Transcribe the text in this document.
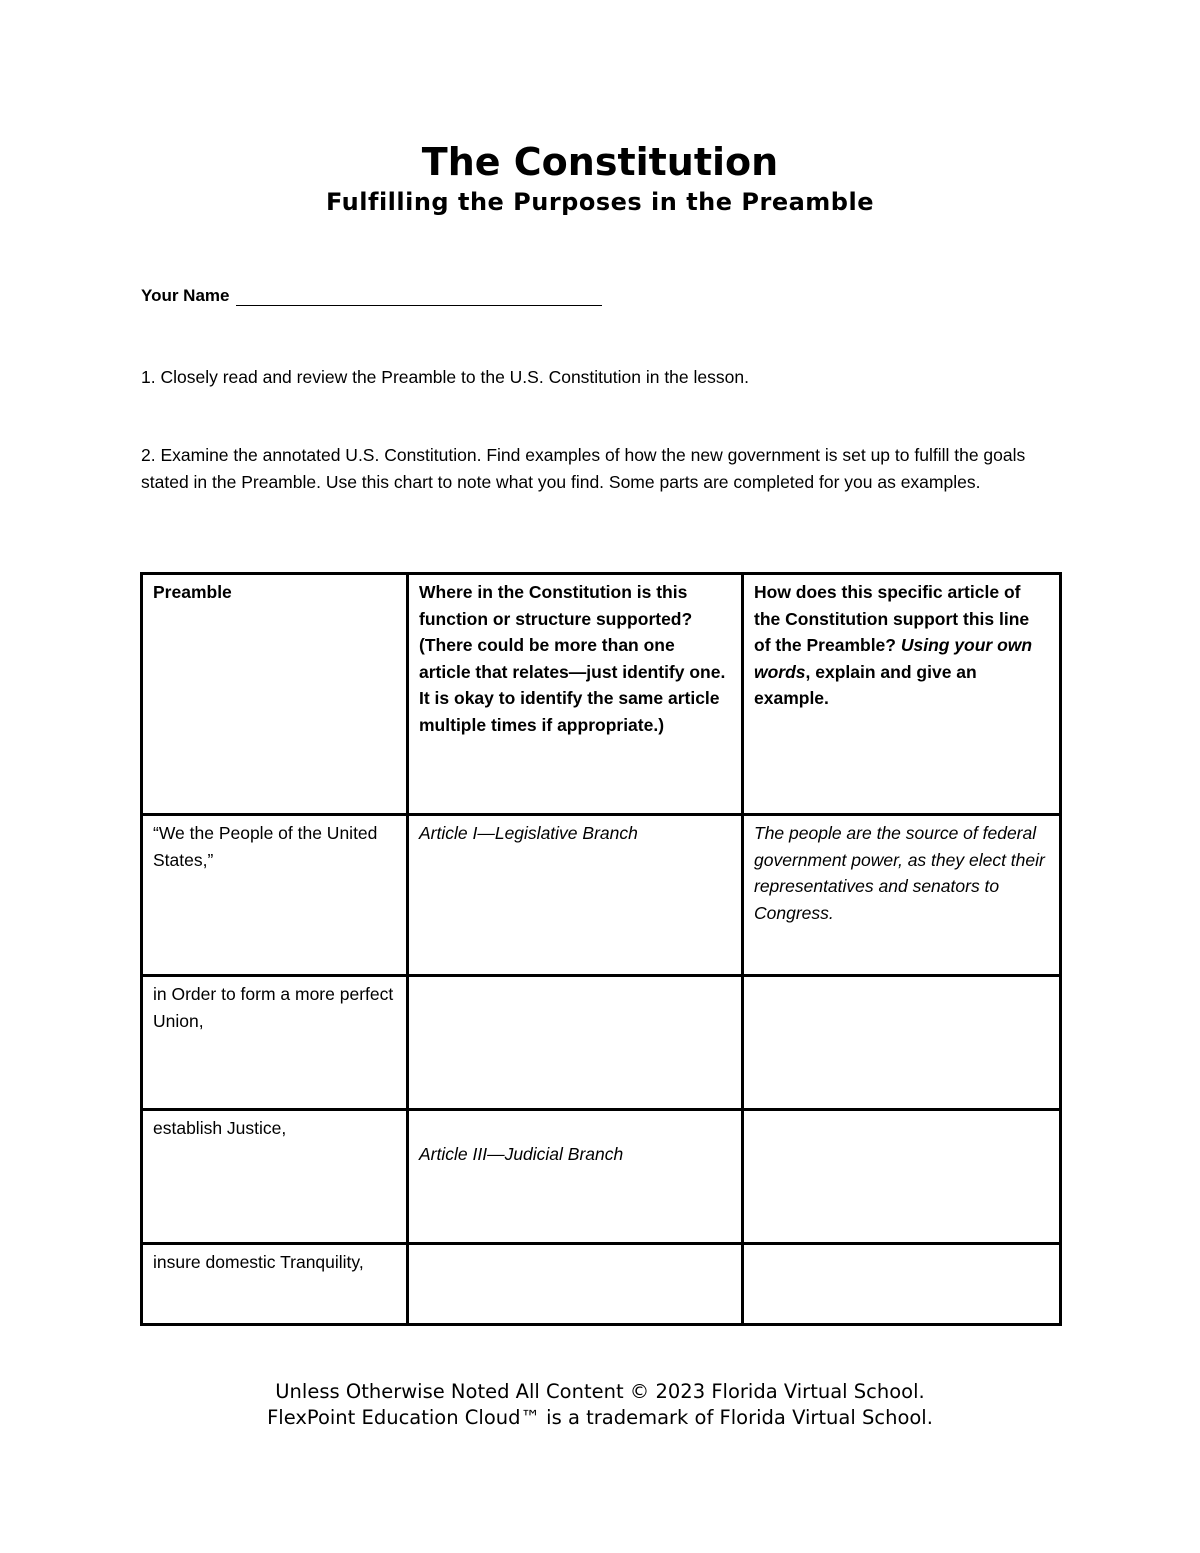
The Constitution
Fulfilling the Purposes in the Preamble
Your Name

1. Closely read and review the Preamble to the U.S. Constitution in the lesson.

2. Examine the annotated U.S. Constitution. Find examples of how the new government is set up to fulfill the goals stated in the Preamble. Use this chart to note what you find. Some parts are completed for you as examples.

Preamble	Where in the Constitution is this function or structure supported? (There could be more than one article that relates—just identify one. It is okay to identify the same article multiple times if appropriate.)	How does this specific article of the Constitution support this line of the Preamble? Using your own words, explain and give an example.
“We the People of the United States,”	Article I—Legislative Branch	The people are the source of federal government power, as they elect their representatives and senators to Congress.
in Order to form a more perfect Union,		
establish Justice,	Article III—Judicial Branch	
insure domestic Tranquility,		

Unless Otherwise Noted All Content © 2023 Florida Virtual School.

FlexPoint Education Cloud™ is a trademark of Florida Virtual School.
